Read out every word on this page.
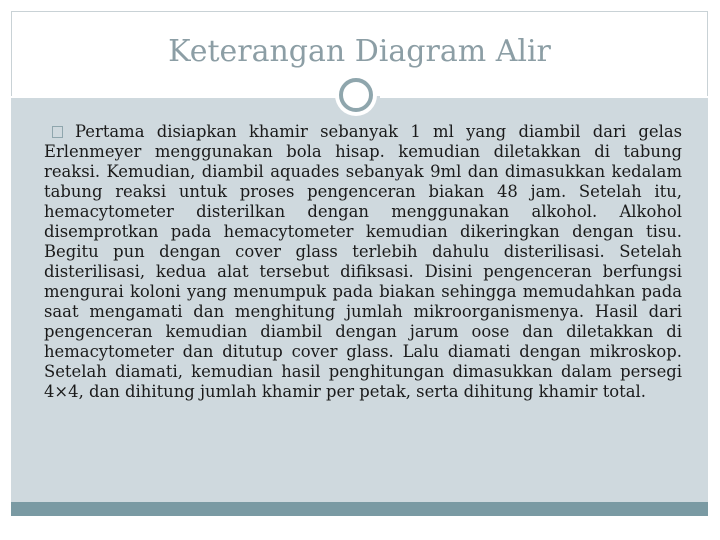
Keterangan Diagram Alir

Pertama disiapkan khamir sebanyak 1 ml yang diambil dari gelas Erlenmeyer menggunakan bola hisap. kemudian diletakkan di tabung reaksi. Kemudian, diambil aquades sebanyak 9ml dan dimasukkan kedalam tabung reaksi untuk proses pengenceran biakan 48 jam. Setelah itu, hemacytometer disterilkan dengan menggunakan alkohol. Alkohol disemprotkan pada hemacytometer kemudian dikeringkan dengan tisu. Begitu pun dengan cover glass terlebih dahulu disterilisasi. Setelah disterilisasi, kedua alat tersebut difiksasi. Disini pengenceran berfungsi mengurai koloni yang menumpuk pada biakan sehingga memudahkan pada saat mengamati dan menghitung jumlah mikroorganismenya. Hasil dari pengenceran kemudian diambil dengan jarum oose dan diletakkan di hemacytometer dan ditutup cover glass. Lalu diamati dengan mikroskop. Setelah diamati, kemudian hasil penghitungan dimasukkan dalam persegi 4×4, dan dihitung jumlah khamir per petak, serta dihitung khamir total.
